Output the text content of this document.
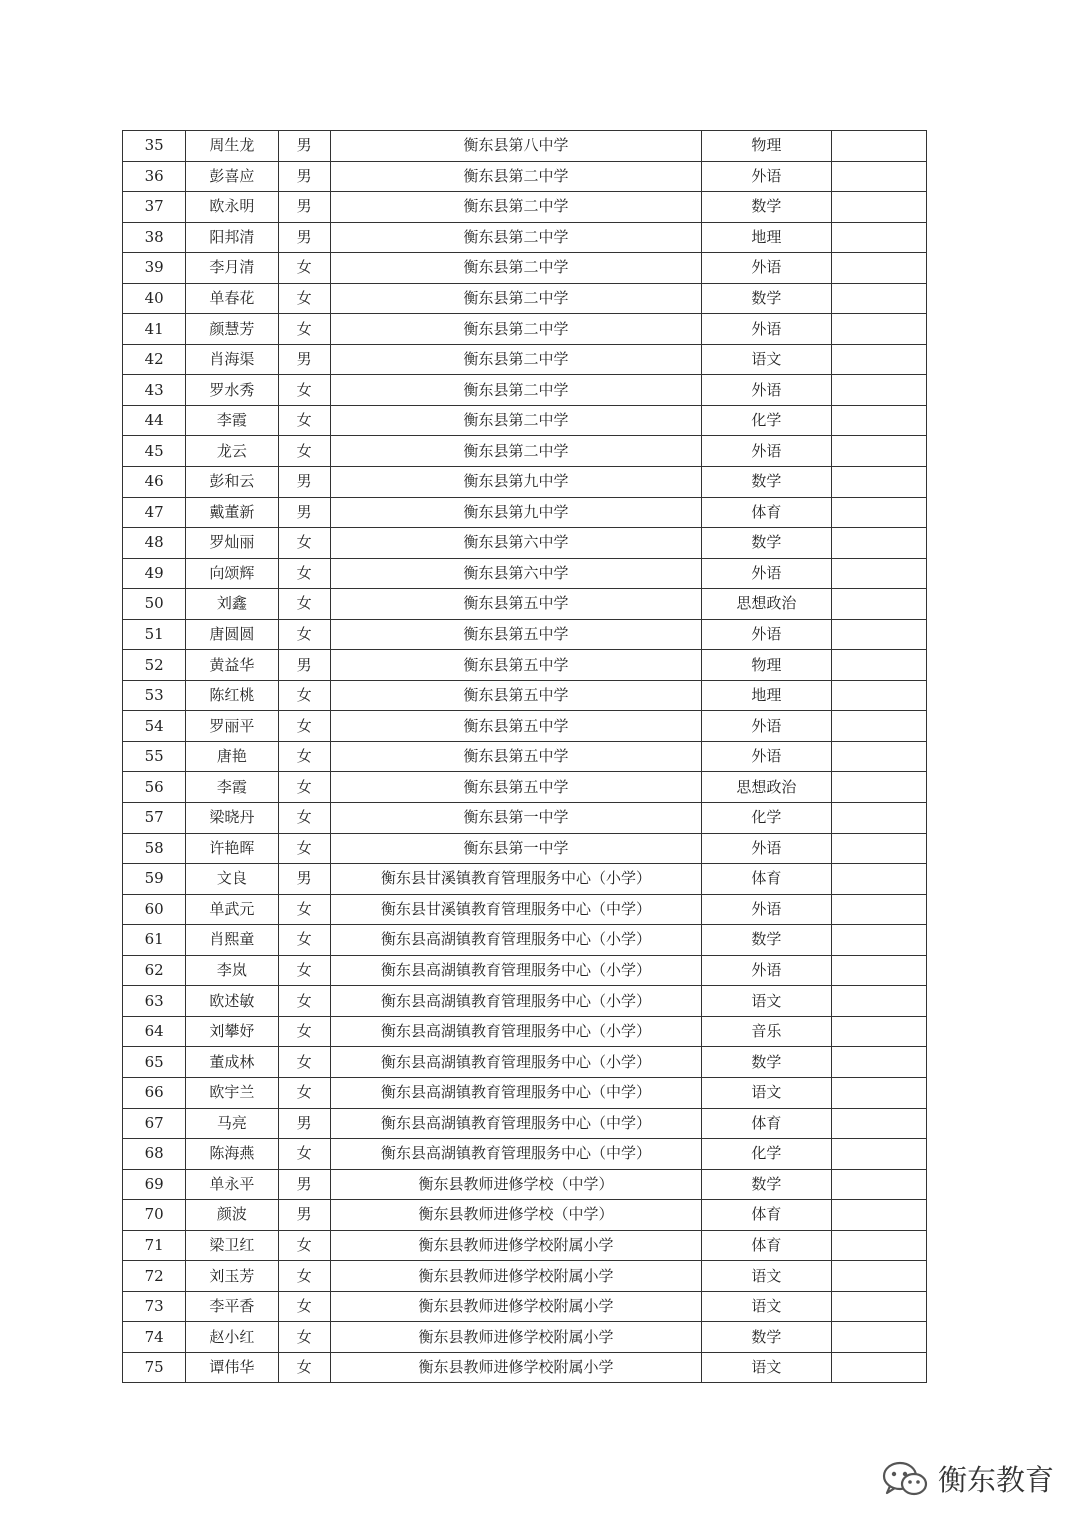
35	周生龙	男	衡东县第八中学	物理	
36	彭喜应	男	衡东县第二中学	外语	
37	欧永明	男	衡东县第二中学	数学	
38	阳邦清	男	衡东县第二中学	地理	
39	李月清	女	衡东县第二中学	外语	
40	单春花	女	衡东县第二中学	数学	
41	颜慧芳	女	衡东县第二中学	外语	
42	肖海渠	男	衡东县第二中学	语文	
43	罗水秀	女	衡东县第二中学	外语	
44	李霞	女	衡东县第二中学	化学	
45	龙云	女	衡东县第二中学	外语	
46	彭和云	男	衡东县第九中学	数学	
47	戴董新	男	衡东县第九中学	体育	
48	罗灿丽	女	衡东县第六中学	数学	
49	向颂辉	女	衡东县第六中学	外语	
50	刘鑫	女	衡东县第五中学	思想政治	
51	唐圆圆	女	衡东县第五中学	外语	
52	黄益华	男	衡东县第五中学	物理	
53	陈红桃	女	衡东县第五中学	地理	
54	罗丽平	女	衡东县第五中学	外语	
55	唐艳	女	衡东县第五中学	外语	
56	李霞	女	衡东县第五中学	思想政治	
57	梁晓丹	女	衡东县第一中学	化学	
58	许艳晖	女	衡东县第一中学	外语	
59	文良	男	衡东县甘溪镇教育管理服务中心（小学）	体育	
60	单武元	女	衡东县甘溪镇教育管理服务中心（中学）	外语	
61	肖熙童	女	衡东县高湖镇教育管理服务中心（小学）	数学	
62	李岚	女	衡东县高湖镇教育管理服务中心（小学）	外语	
63	欧述敏	女	衡东县高湖镇教育管理服务中心（小学）	语文	
64	刘攀妤	女	衡东县高湖镇教育管理服务中心（小学）	音乐	
65	董成林	女	衡东县高湖镇教育管理服务中心（小学）	数学	
66	欧宇兰	女	衡东县高湖镇教育管理服务中心（中学）	语文	
67	马亮	男	衡东县高湖镇教育管理服务中心（中学）	体育	
68	陈海燕	女	衡东县高湖镇教育管理服务中心（中学）	化学	
69	单永平	男	衡东县教师进修学校（中学）	数学	
70	颜波	男	衡东县教师进修学校（中学）	体育	
71	梁卫红	女	衡东县教师进修学校附属小学	体育	
72	刘玉芳	女	衡东县教师进修学校附属小学	语文	
73	李平香	女	衡东县教师进修学校附属小学	语文	
74	赵小红	女	衡东县教师进修学校附属小学	数学	
75	谭伟华	女	衡东县教师进修学校附属小学	语文	
衡东教育
